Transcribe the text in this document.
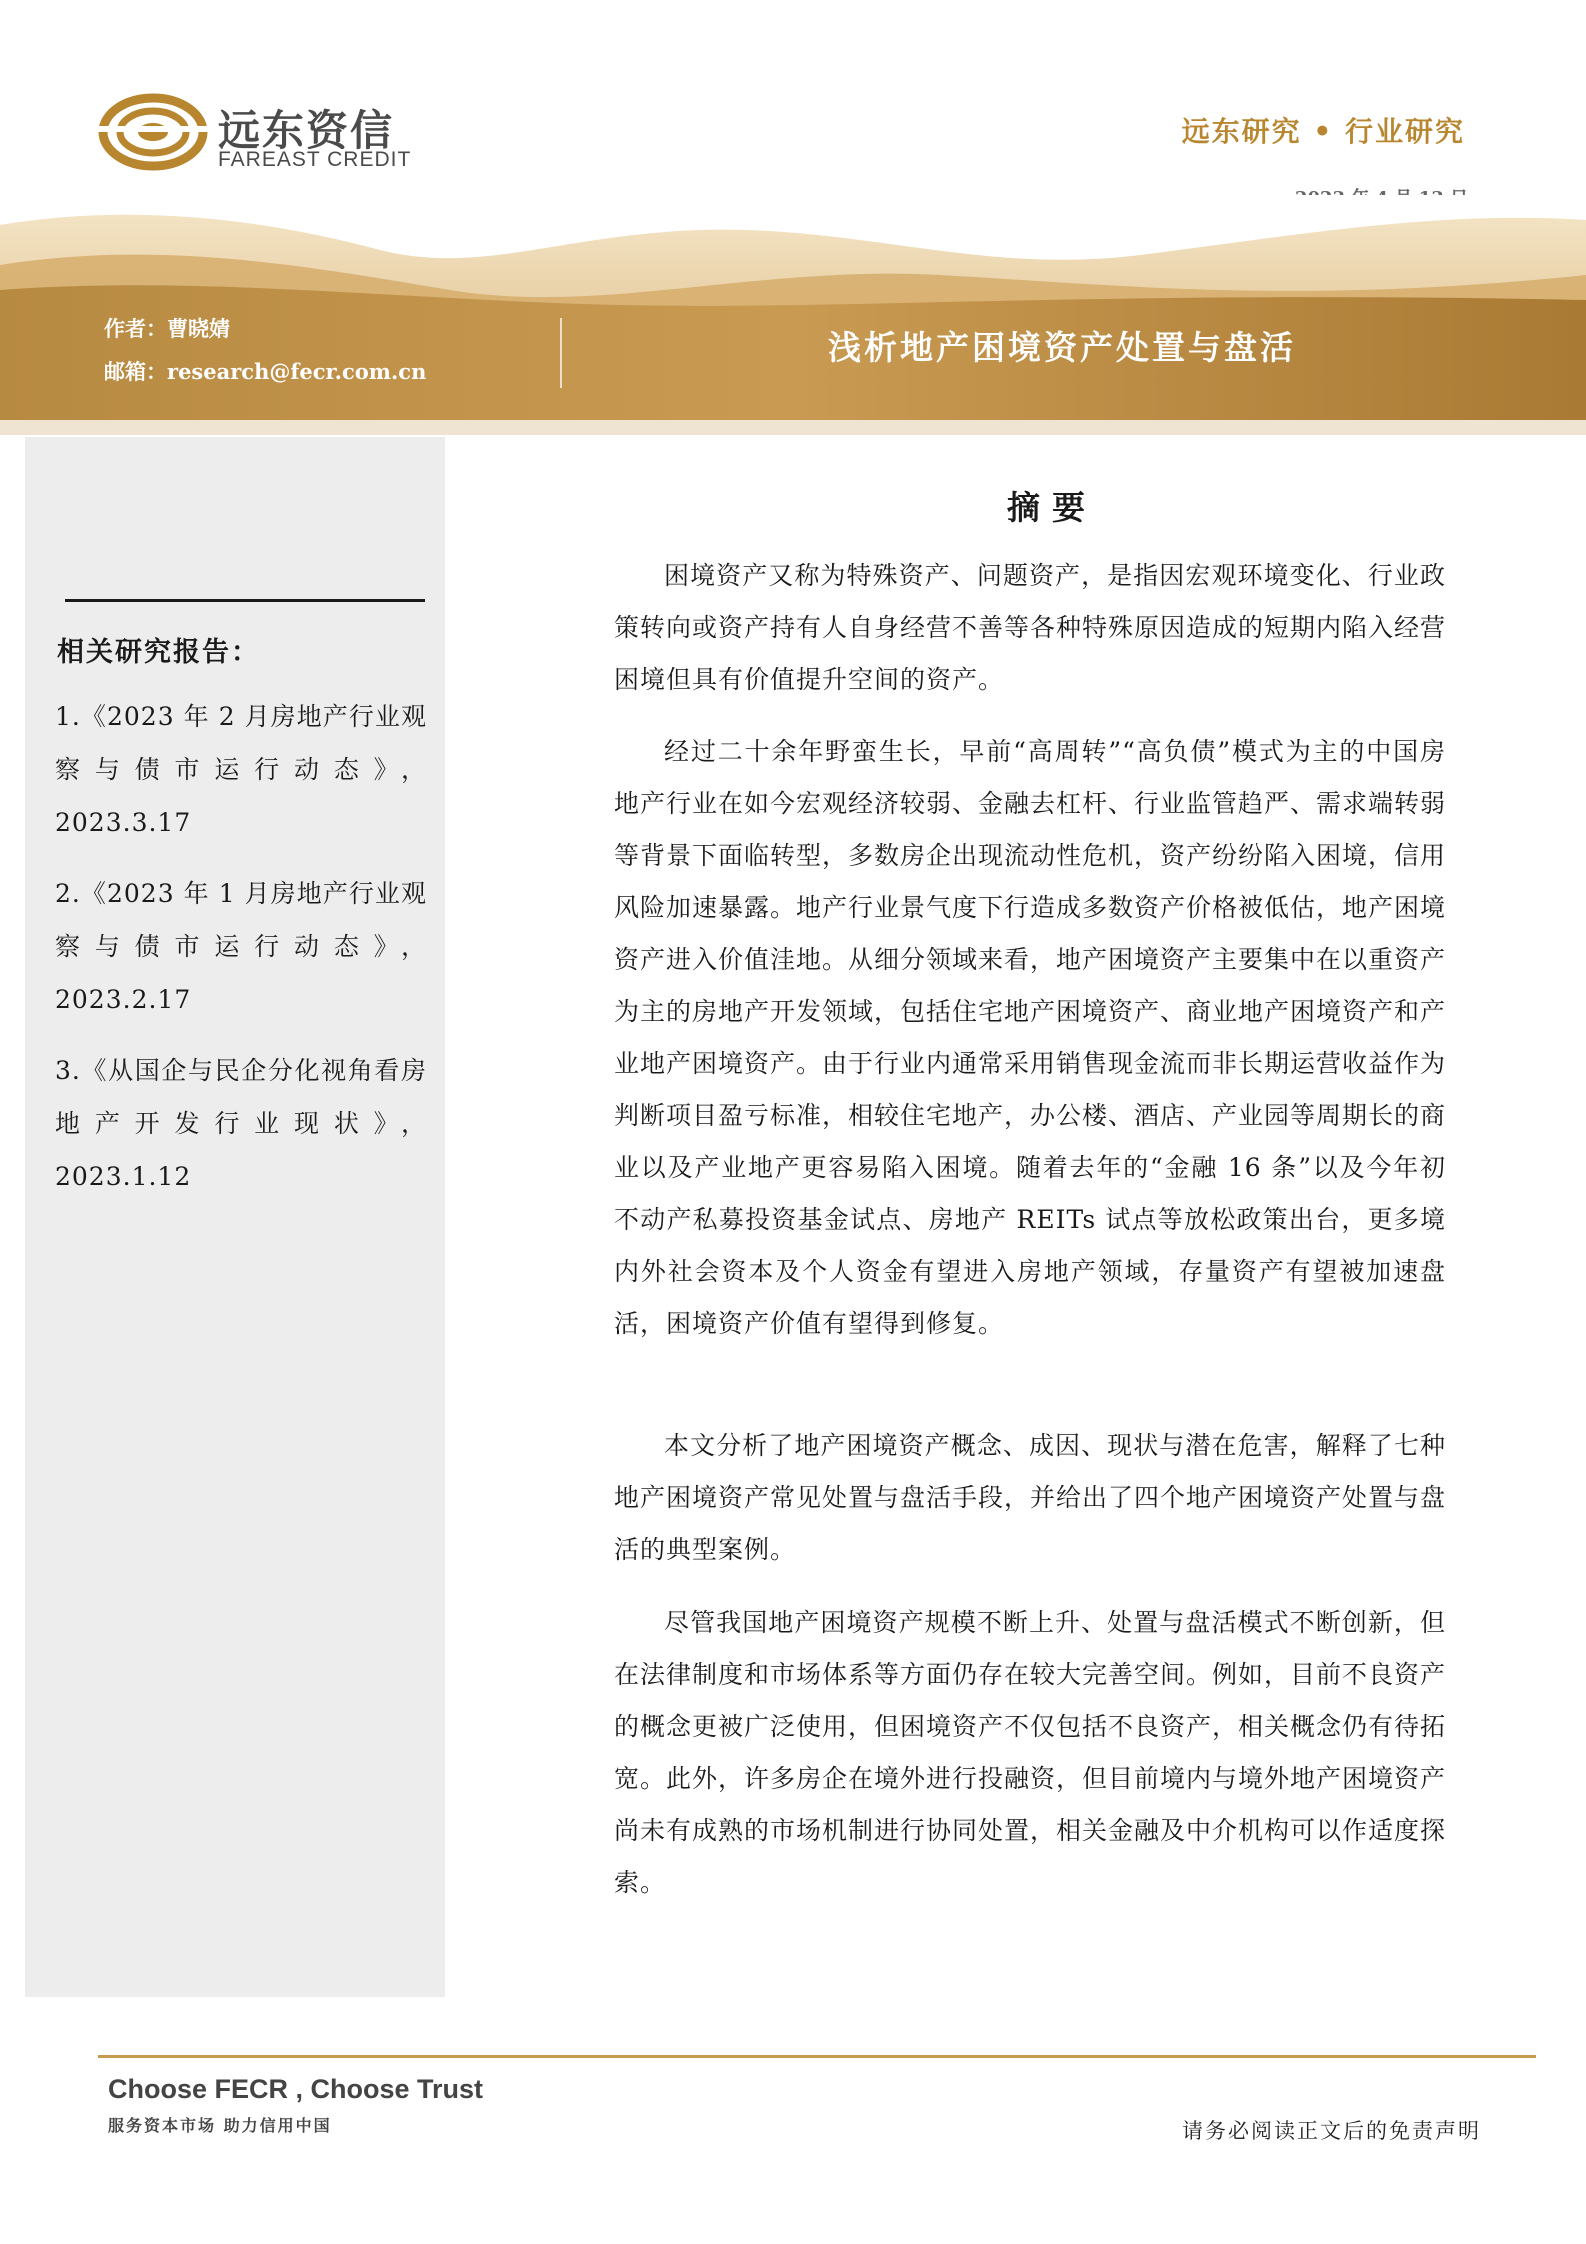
远东资信
FAREAST CREDIT
远东研究 • 行业研究
作者：曹晓婧
邮箱：research@fecr.com.cn
浅析地产困境资产处置与盘活
相关研究报告：
1.《2023 年 2 月房地产行业观察与债市运行动态》，2023.3.17
2.《2023 年 1 月房地产行业观察与债市运行动态》，2023.2.17
3.《从国企与民企分化视角看房地产开发行业现状》，2023.1.12
摘要
困境资产又称为特殊资产、问题资产，是指因宏观环境变化、行业政策转向或资产持有人自身经营不善等各种特殊原因造成的短期内陷入经营困境但具有价值提升空间的资产。
经过二十余年野蛮生长，早前“高周转”“高负债”模式为主的中国房地产行业在如今宏观经济较弱、金融去杠杆、行业监管趋严、需求端转弱等背景下面临转型，多数房企出现流动性危机，资产纷纷陷入困境，信用风险加速暴露。地产行业景气度下行造成多数资产价格被低估，地产困境资产进入价值洼地。从细分领域来看，地产困境资产主要集中在以重资产为主的房地产开发领域，包括住宅地产困境资产、商业地产困境资产和产业地产困境资产。由于行业内通常采用销售现金流而非长期运营收益作为判断项目盈亏标准，相较住宅地产，办公楼、酒店、产业园等周期长的商业以及产业地产更容易陷入困境。随着去年的“金融 16 条”以及今年初不动产私募投资基金试点、房地产 REITs 试点等放松政策出台，更多境内外社会资本及个人资金有望进入房地产领域，存量资产有望被加速盘活，困境资产价值有望得到修复。
本文分析了地产困境资产概念、成因、现状与潜在危害，解释了七种地产困境资产常见处置与盘活手段，并给出了四个地产困境资产处置与盘活的典型案例。
尽管我国地产困境资产规模不断上升、处置与盘活模式不断创新，但在法律制度和市场体系等方面仍存在较大完善空间。例如，目前不良资产的概念更被广泛使用，但困境资产不仅包括不良资产，相关概念仍有待拓宽。此外，许多房企在境外进行投融资，但目前境内与境外地产困境资产尚未有成熟的市场机制进行协同处置，相关金融及中介机构可以作适度探索。
Choose FECR , Choose Trust
服务资本市场 助力信用中国	请务必阅读正文后的免责声明
